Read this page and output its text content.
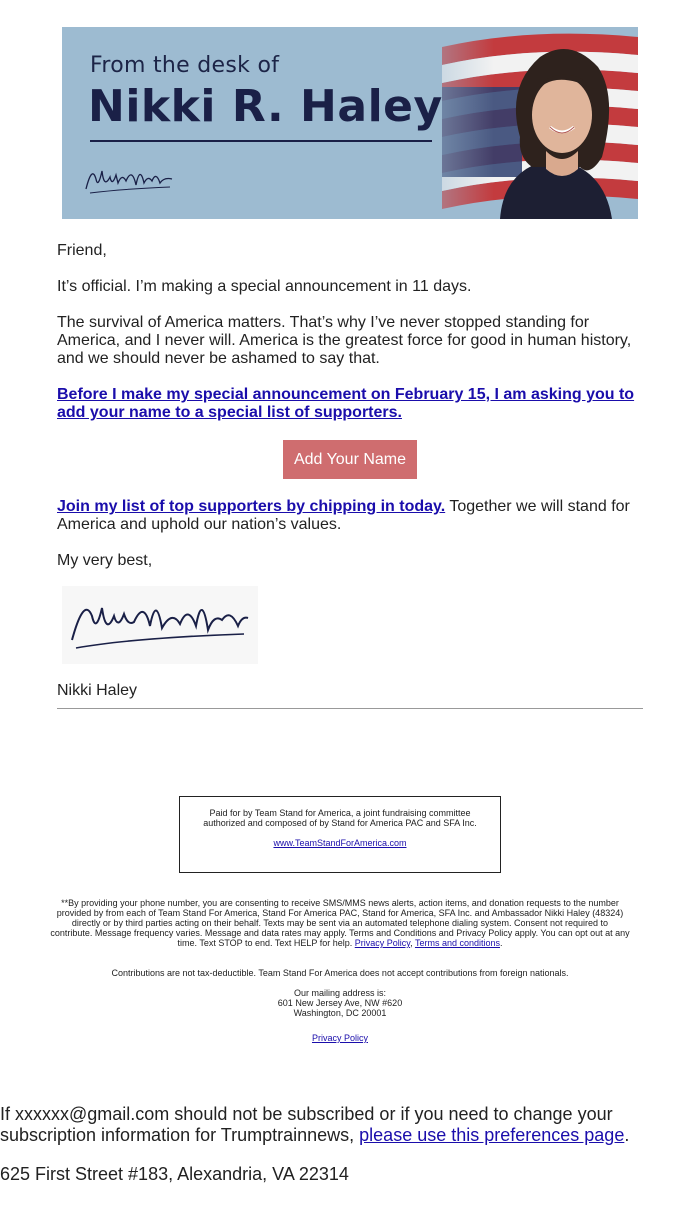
From the desk of
Nikki R. Haley
Friend,
It’s official. I’m making a special announcement in 11 days.
The survival of America matters. That’s why I’ve never stopped standing for America, and I never will. America is the greatest force for good in human history, and we should never be ashamed to say that.
Before I make my special announcement on February 15, I am asking you to add your name to a special list of supporters.
Add Your Name
Join my list of top supporters by chipping in today. Together we will stand for America and uphold our nation’s values.
My very best,
Nikki Haley
Paid for by Team Stand for America, a joint fundraising committee authorized and composed of by Stand for America PAC and SFA Inc.
www.TeamStandForAmerica.com
**By providing your phone number, you are consenting to receive SMS/MMS news alerts, action items, and donation requests to the number provided by from each of Team Stand For America, Stand For America PAC, Stand for America, SFA Inc. and Ambassador Nikki Haley (48324) directly or by third parties acting on their behalf. Texts may be sent via an automated telephone dialing system. Consent not required to contribute. Message frequency varies. Message and data rates may apply. Terms and Conditions and Privacy Policy apply. You can opt out at any time. Text STOP to end. Text HELP for help. Privacy Policy, Terms and conditions.
Contributions are not tax-deductible. Team Stand For America does not accept contributions from foreign nationals.
Our mailing address is:
601 New Jersey Ave, NW #620
Washington, DC 20001
Privacy Policy
If xxxxxx@gmail.com should not be subscribed or if you need to change your subscription information for Trumptrainnews, please use this preferences page.
625 First Street #183, Alexandria, VA 22314
